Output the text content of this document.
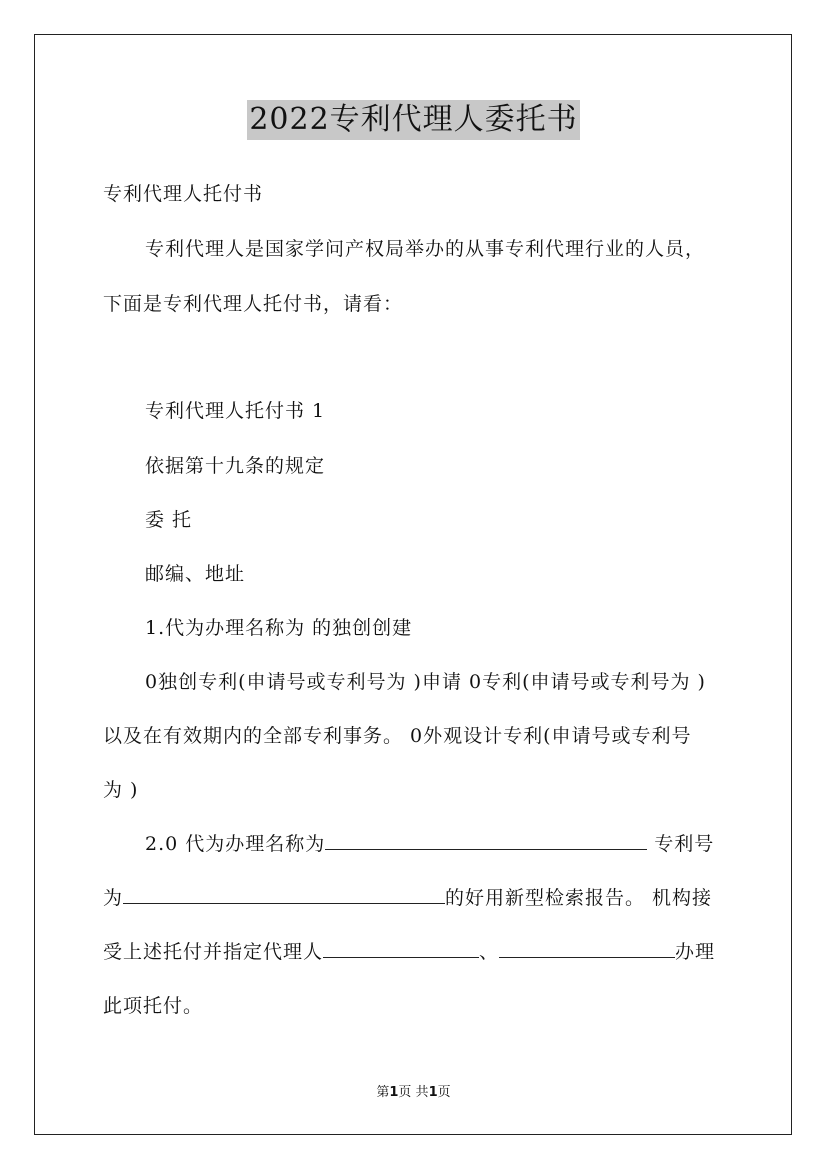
2022专利代理人委托书
专利代理人托付书
专利代理人是国家学问产权局举办的从事专利代理行业的人员，
下面是专利代理人托付书，请看：
专利代理人托付书 1
依据第十九条的规定
委 托
邮编、地址
1.代为办理名称为 的独创创建
0独创专利(申请号或专利号为 )申请 0专利(申请号或专利号为 )
以及在有效期内的全部专利事务。 0外观设计专利(申请号或专利号
为 )
2.0 代为办理名称为	专利号
为	的好用新型检索报告。 机构接
受上述托付并指定代理人	、	办理
此项托付。
第1页 共1页
